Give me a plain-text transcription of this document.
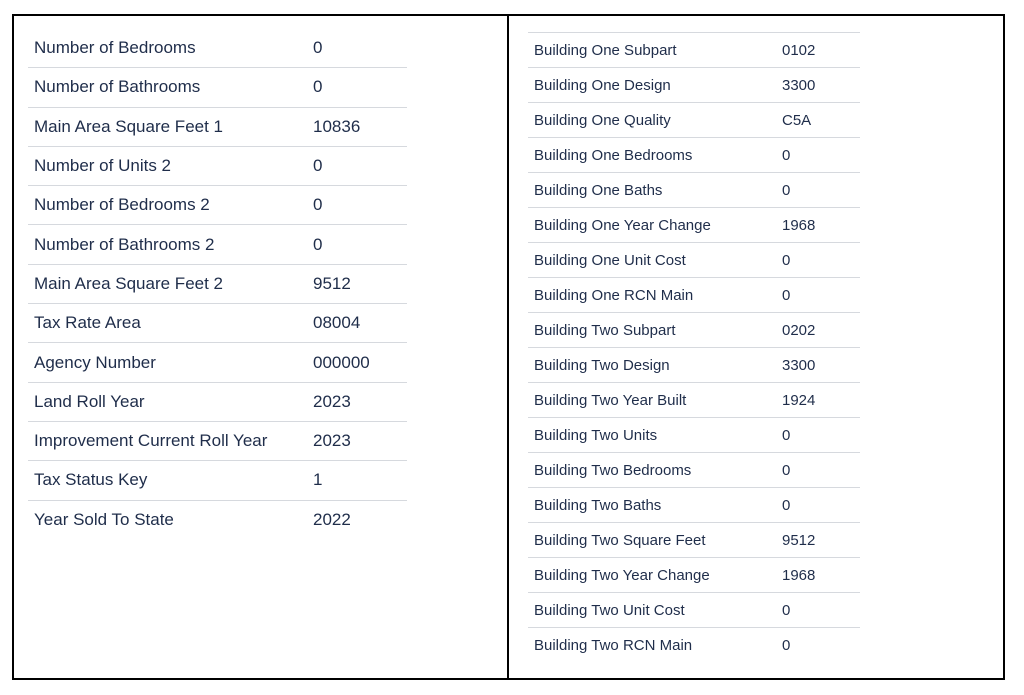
Number of Bedrooms	0
Number of Bathrooms	0
Main Area Square Feet 1	10836
Number of Units 2	0
Number of Bedrooms 2	0
Number of Bathrooms 2	0
Main Area Square Feet 2	9512
Tax Rate Area	08004
Agency Number	000000
Land Roll Year	2023
Improvement Current Roll Year	2023
Tax Status Key	1
Year Sold To State	2022
Building One Subpart	0102
Building One Design	3300
Building One Quality	C5A
Building One Bedrooms	0
Building One Baths	0
Building One Year Change	1968
Building One Unit Cost	0
Building One RCN Main	0
Building Two Subpart	0202
Building Two Design	3300
Building Two Year Built	1924
Building Two Units	0
Building Two Bedrooms	0
Building Two Baths	0
Building Two Square Feet	9512
Building Two Year Change	1968
Building Two Unit Cost	0
Building Two RCN Main	0
